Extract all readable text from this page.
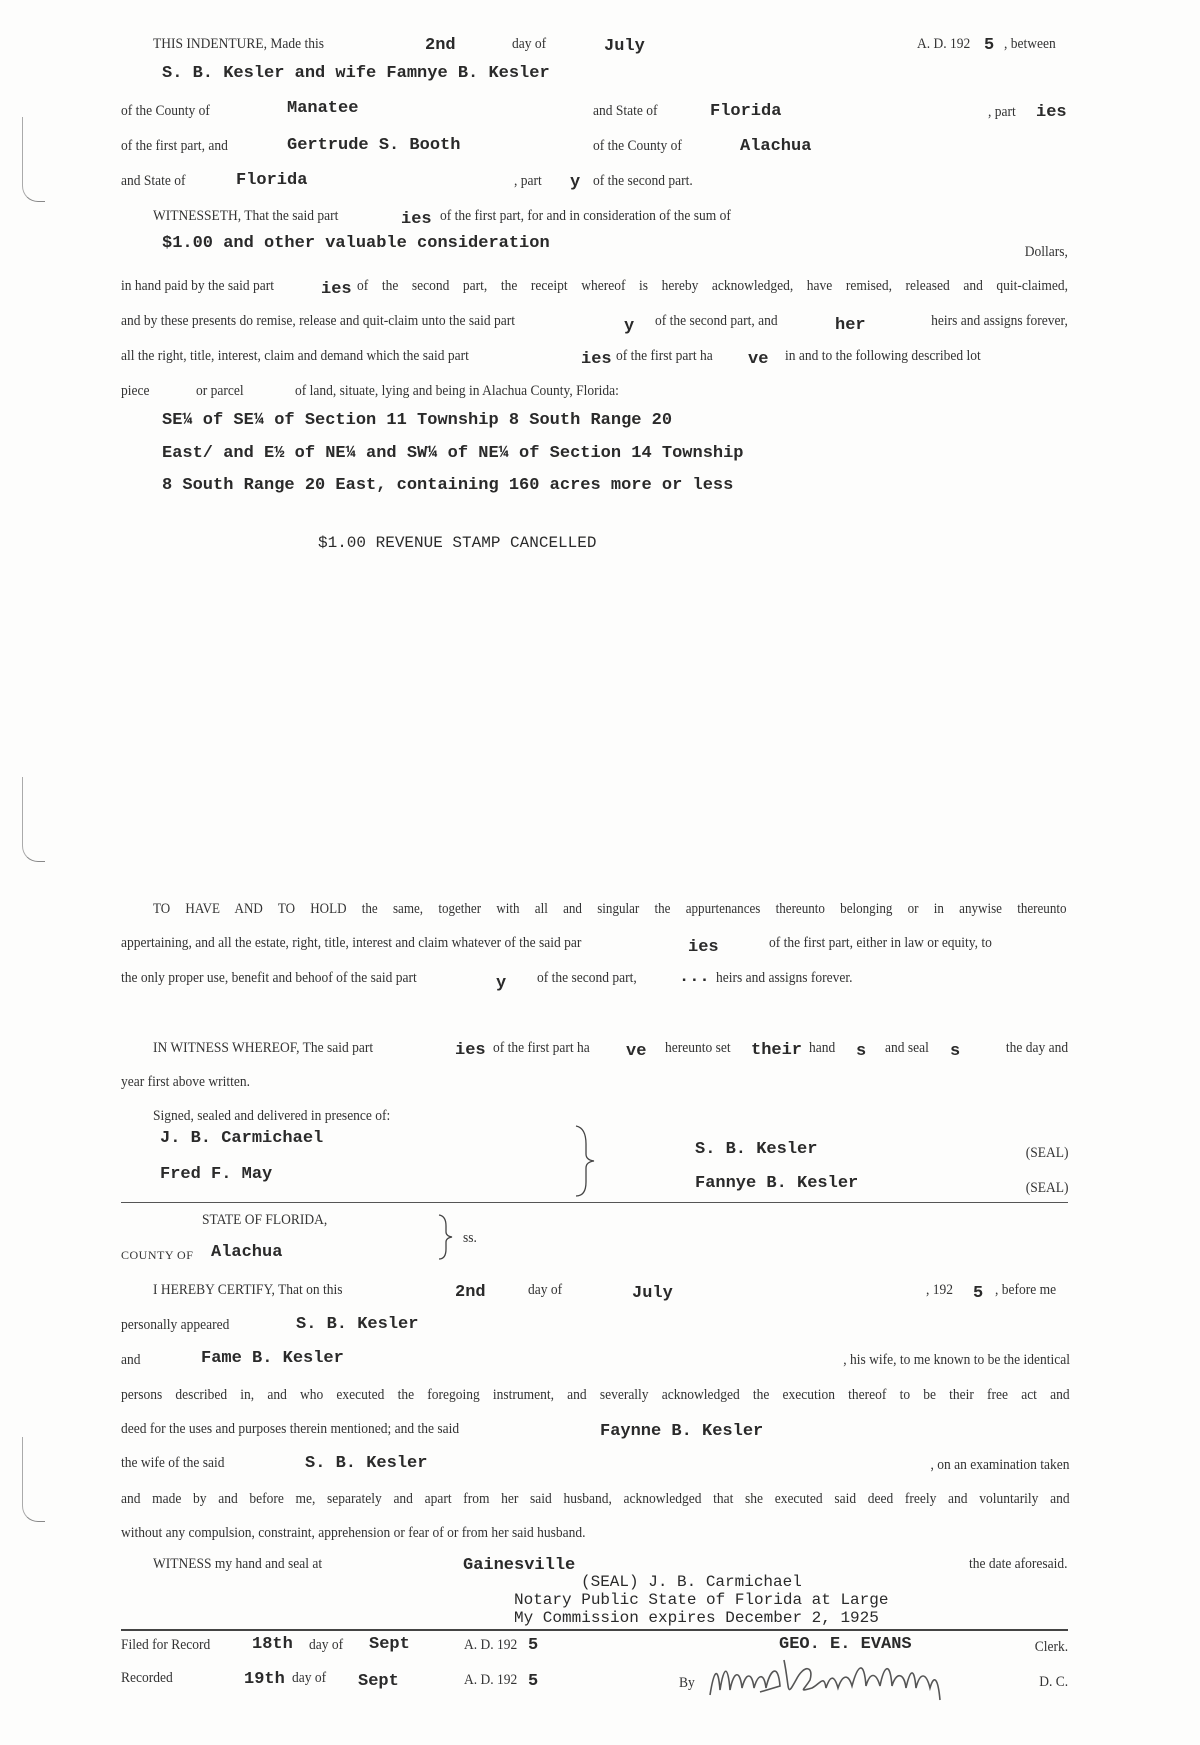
THIS INDENTURE, Made this	2nd	day of	July	A. D. 192 5 , between
S. B. Kesler and wife Famnye B. Kesler
of the County of	Manatee	and State of	Florida	, part ies
of the first part, and	Gertrude S. Booth	of the County of	Alachua
and State of	Florida	, part y of the second part.
WITNESSETH, That the said part	ies of the first part, for and in consideration of the sum of
$1.00 and other valuable consideration	Dollars,
in hand paid by the said part	ies of the second part, the receipt whereof is hereby acknowledged, have remised, released and quit-claimed,
and by these presents do remise, release and quit-claim unto the said part	y of the second part, and	her	heirs and assigns forever,
all the right, title, interest, claim and demand which the said part	ies of the first part ha ve in and to the following described lot
piece	or parcel	of land, situate, lying and being in Alachua County, Florida:
SE¼ of SE¼ of Section 11 Township 8 South Range 20
East/ and E½ of NE¼ and SW¼ of NE¼ of Section 14 Township
8 South Range 20 East, containing 160 acres more or less
$1.00 REVENUE STAMP CANCELLED
TO HAVE AND TO HOLD the same, together with all and singular the appurtenances thereunto belonging or in anywise thereunto
appertaining, and all the estate, right, title, interest and claim whatever of the said par	ies	of the first part, either in law or equity, to
the only proper use, benefit and behoof of the said part	y of the second part, ... heirs and assigns forever.
IN WITNESS WHEREOF, The said part	ies of the first part ha ve hereunto set their hand s and seal s	the day and
year first above written.
Signed, sealed and delivered in presence of:
J. B. Carmichael
Fred F. May
S. B. Kesler
Fannye B. Kesler
(SEAL)
(SEAL)
STATE OF FLORIDA,
COUNTY OF Alachua
ss.
I HEREBY CERTIFY, That on this	2nd	day of	July	, 192 5 , before me
personally appeared	S. B. Kesler
and	Fame B. Kesler	, his wife, to me known to be the identical
persons described in, and who executed the foregoing instrument, and severally acknowledged the execution thereof to be their free act and
deed for the uses and purposes therein mentioned; and the said	Faynne B. Kesler
the wife of the said	S. B. Kesler	, on an examination taken
and made by and before me, separately and apart from her said husband, acknowledged that she executed said deed freely and voluntarily and
without any compulsion, constraint, apprehension or fear of or from her said husband.
WITNESS my hand and seal at	Gainesville	the date aforesaid.
(SEAL) J. B. Carmichael
Notary Public State of Florida at Large
My Commission expires December 2, 1925
Filed for Record 18th day of Sept	A. D. 192 5	GEO. E. EVANS	Clerk.
Recorded	19th day of Sept	A. D. 192 5	By	D. C.
